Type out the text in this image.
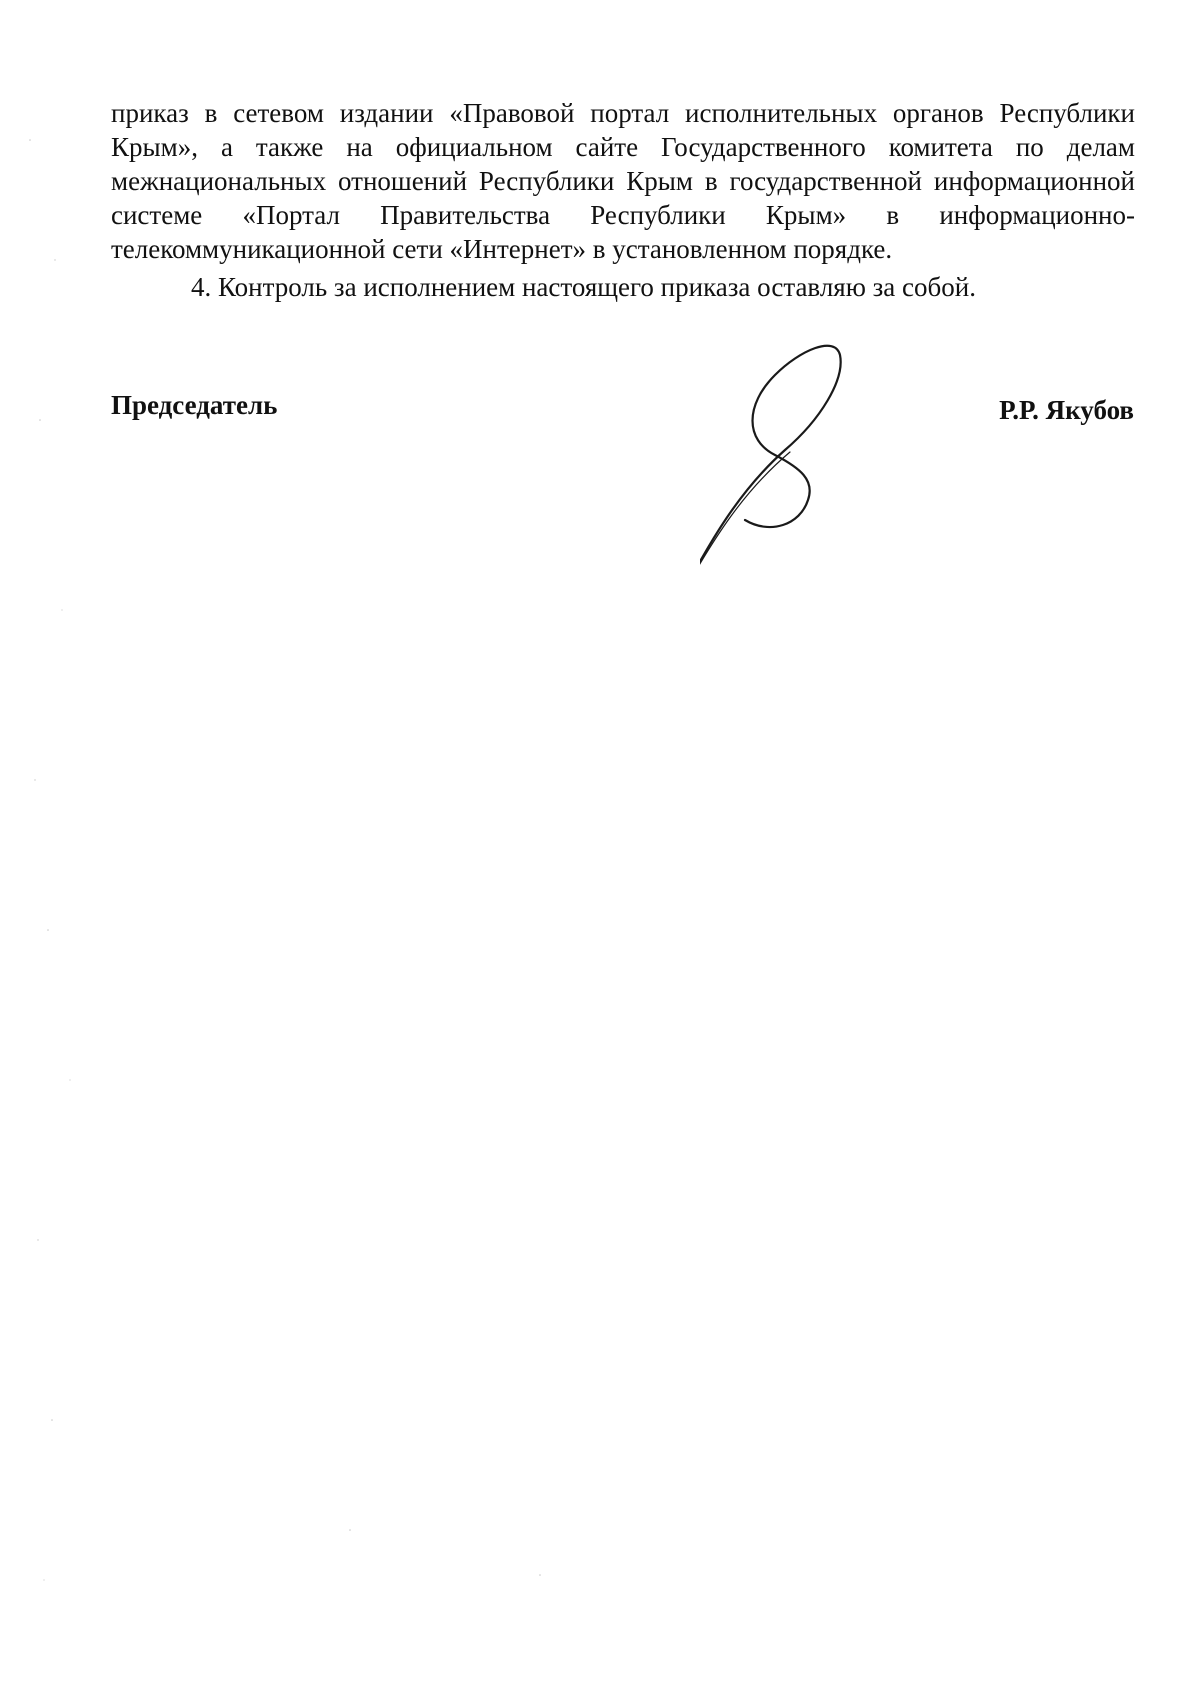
приказ в сетевом издании «Правовой портал исполнительных органов Республики Крым», а также на официальном сайте Государственного комитета по делам межнациональных отношений Республики Крым в государственной информационной системе «Портал Правительства Республики Крым» в информационно-телекоммуникационной сети «Интернет» в установленном порядке.

4. Контроль за исполнением настоящего приказа оставляю за собой.

Председатель	Р.Р. Якубов
